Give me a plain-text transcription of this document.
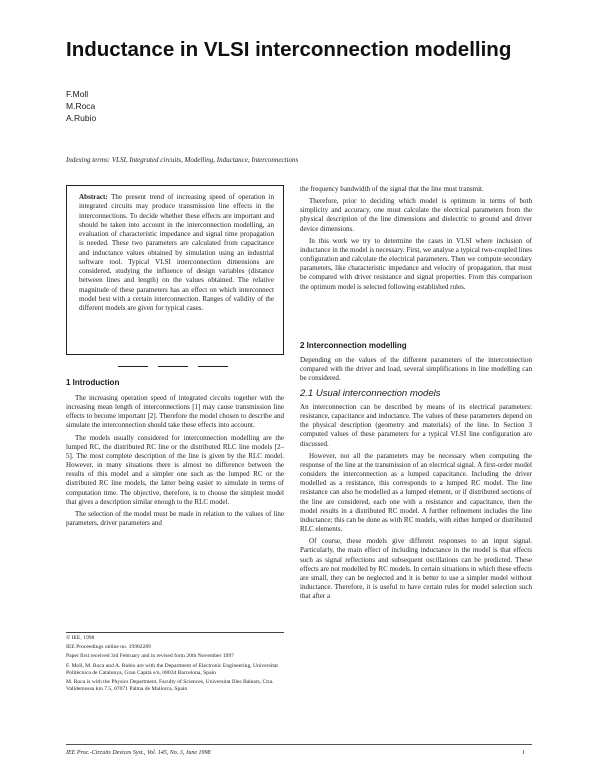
Inductance in VLSI interconnection modelling
F.Moll
M.Roca
A.Rubio
Indexing terms: VLSI, Integrated circuits, Modelling, Inductance, Interconnections
Abstract: The present trend of increasing speed of operation in integrated circuits may produce transmission line effects in the interconnections. To decide whether these effects are important and should be taken into account in the interconnection modelling, an evaluation of characteristic impedance and signal time propagation is needed. These two parameters are calculated from capacitance and inductance values obtained by simulation using an industrial software tool. Typical VLSI interconnection dimensions are considered, studying the influence of design variables (distance between lines and length) on the values obtained. The relative magnitude of these parameters has an effect on which interconnect model best with a certain interconnection. Ranges of validity of the different models are given for typical cases.
1 Introduction

The increasing operation speed of integrated circuits together with the increasing mean length of interconnections [1] may cause transmission line effects to become important [2]. Therefore the model chosen to describe and simulate the interconnection should take these effects into account.

The models usually considered for interconnection modelling are the lumped RC, the distributed RC line or the distributed RLC line models [2–5]. The most complete description of the line is given by the RLC model. However, in many situations there is almost no difference between the results of this model and a simpler one such as the lumped RC or the distributed RC line models, the latter being easier to simulate in terms of computation time. The objective, therefore, is to choose the simplest model that gives a description similar enough to the RLC model.

The selection of the model must be made in relation to the values of line parameters, driver parameters and

© IEE, 1998

IEE Proceedings online no. 19982289

Paper first received 3rd February and in revised form 20th November 1997

F. Moll, M. Roca and A. Rubio are with the Department of Electronic Engineering, Universitat Politècnica de Catalunya, Gran Capità s/n, 08034 Barcelona, Spain

M. Roca is with the Physics Department, Faculty of Sciences, Universitat Illes Balears, Ctra. Valldemossa km 7.5, 07071 Palma de Mallorca, Spain

the frequency bandwidth of the signal that the line must transmit.

Therefore, prior to deciding which model is optimum in terms of both simplicity and accuracy, one must calculate the electrical parameters from the physical description of the line dimensions and dielectric to ground and driver device dimensions.

In this work we try to determine the cases in VLSI where inclusion of inductance in the model is necessary. First, we analyse a typical two-coupled lines configuration and calculate the electrical parameters. Then we compute secondary parameters, like characteristic impedance and velocity of propagation, that must be compared with driver resistance and signal properties. From this comparison the optimum model is selected following established rules.

2 Interconnection modelling

Depending on the values of the different parameters of the interconnection compared with the driver and load, several simplifications in line modelling can be considered.

2.1 Usual interconnection models

An interconnection can be described by means of its electrical parameters: resistance, capacitance and inductance. The values of these parameters depend on the physical description (geometry and materials) of the line. In Section 3 computed values of these parameters for a typical VLSI line configuration are discussed.

However, not all the parameters may be necessary when computing the response of the line at the transmission of an electrical signal. A first-order model considers the interconnection as a lumped capacitance. Including the driver modelled as a resistance, this corresponds to a lumped RC model. The line resistance can also be modelled as a lumped element, or if distributed sections of the line are considered, each one with a resistance and capacitance, then the model results in a distributed RC model. A further refinement includes the line inductance; this can be done as with RC models, with either lumped or distributed RLC elements.

Of course, these models give different responses to an input signal. Particularly, the main effect of including inductance in the model is that effects such as signal reflections and subsequent oscillations can be predicted. These effects are not modelled by RC models. In certain situations in which these effects are small, they can be neglected and it is better to use a simpler model without inductance. Therefore, it is useful to have certain rules for model selection such that after a

IEE Proc.-Circuits Devices Syst., Vol. 145, No. 3, June 1998	1
